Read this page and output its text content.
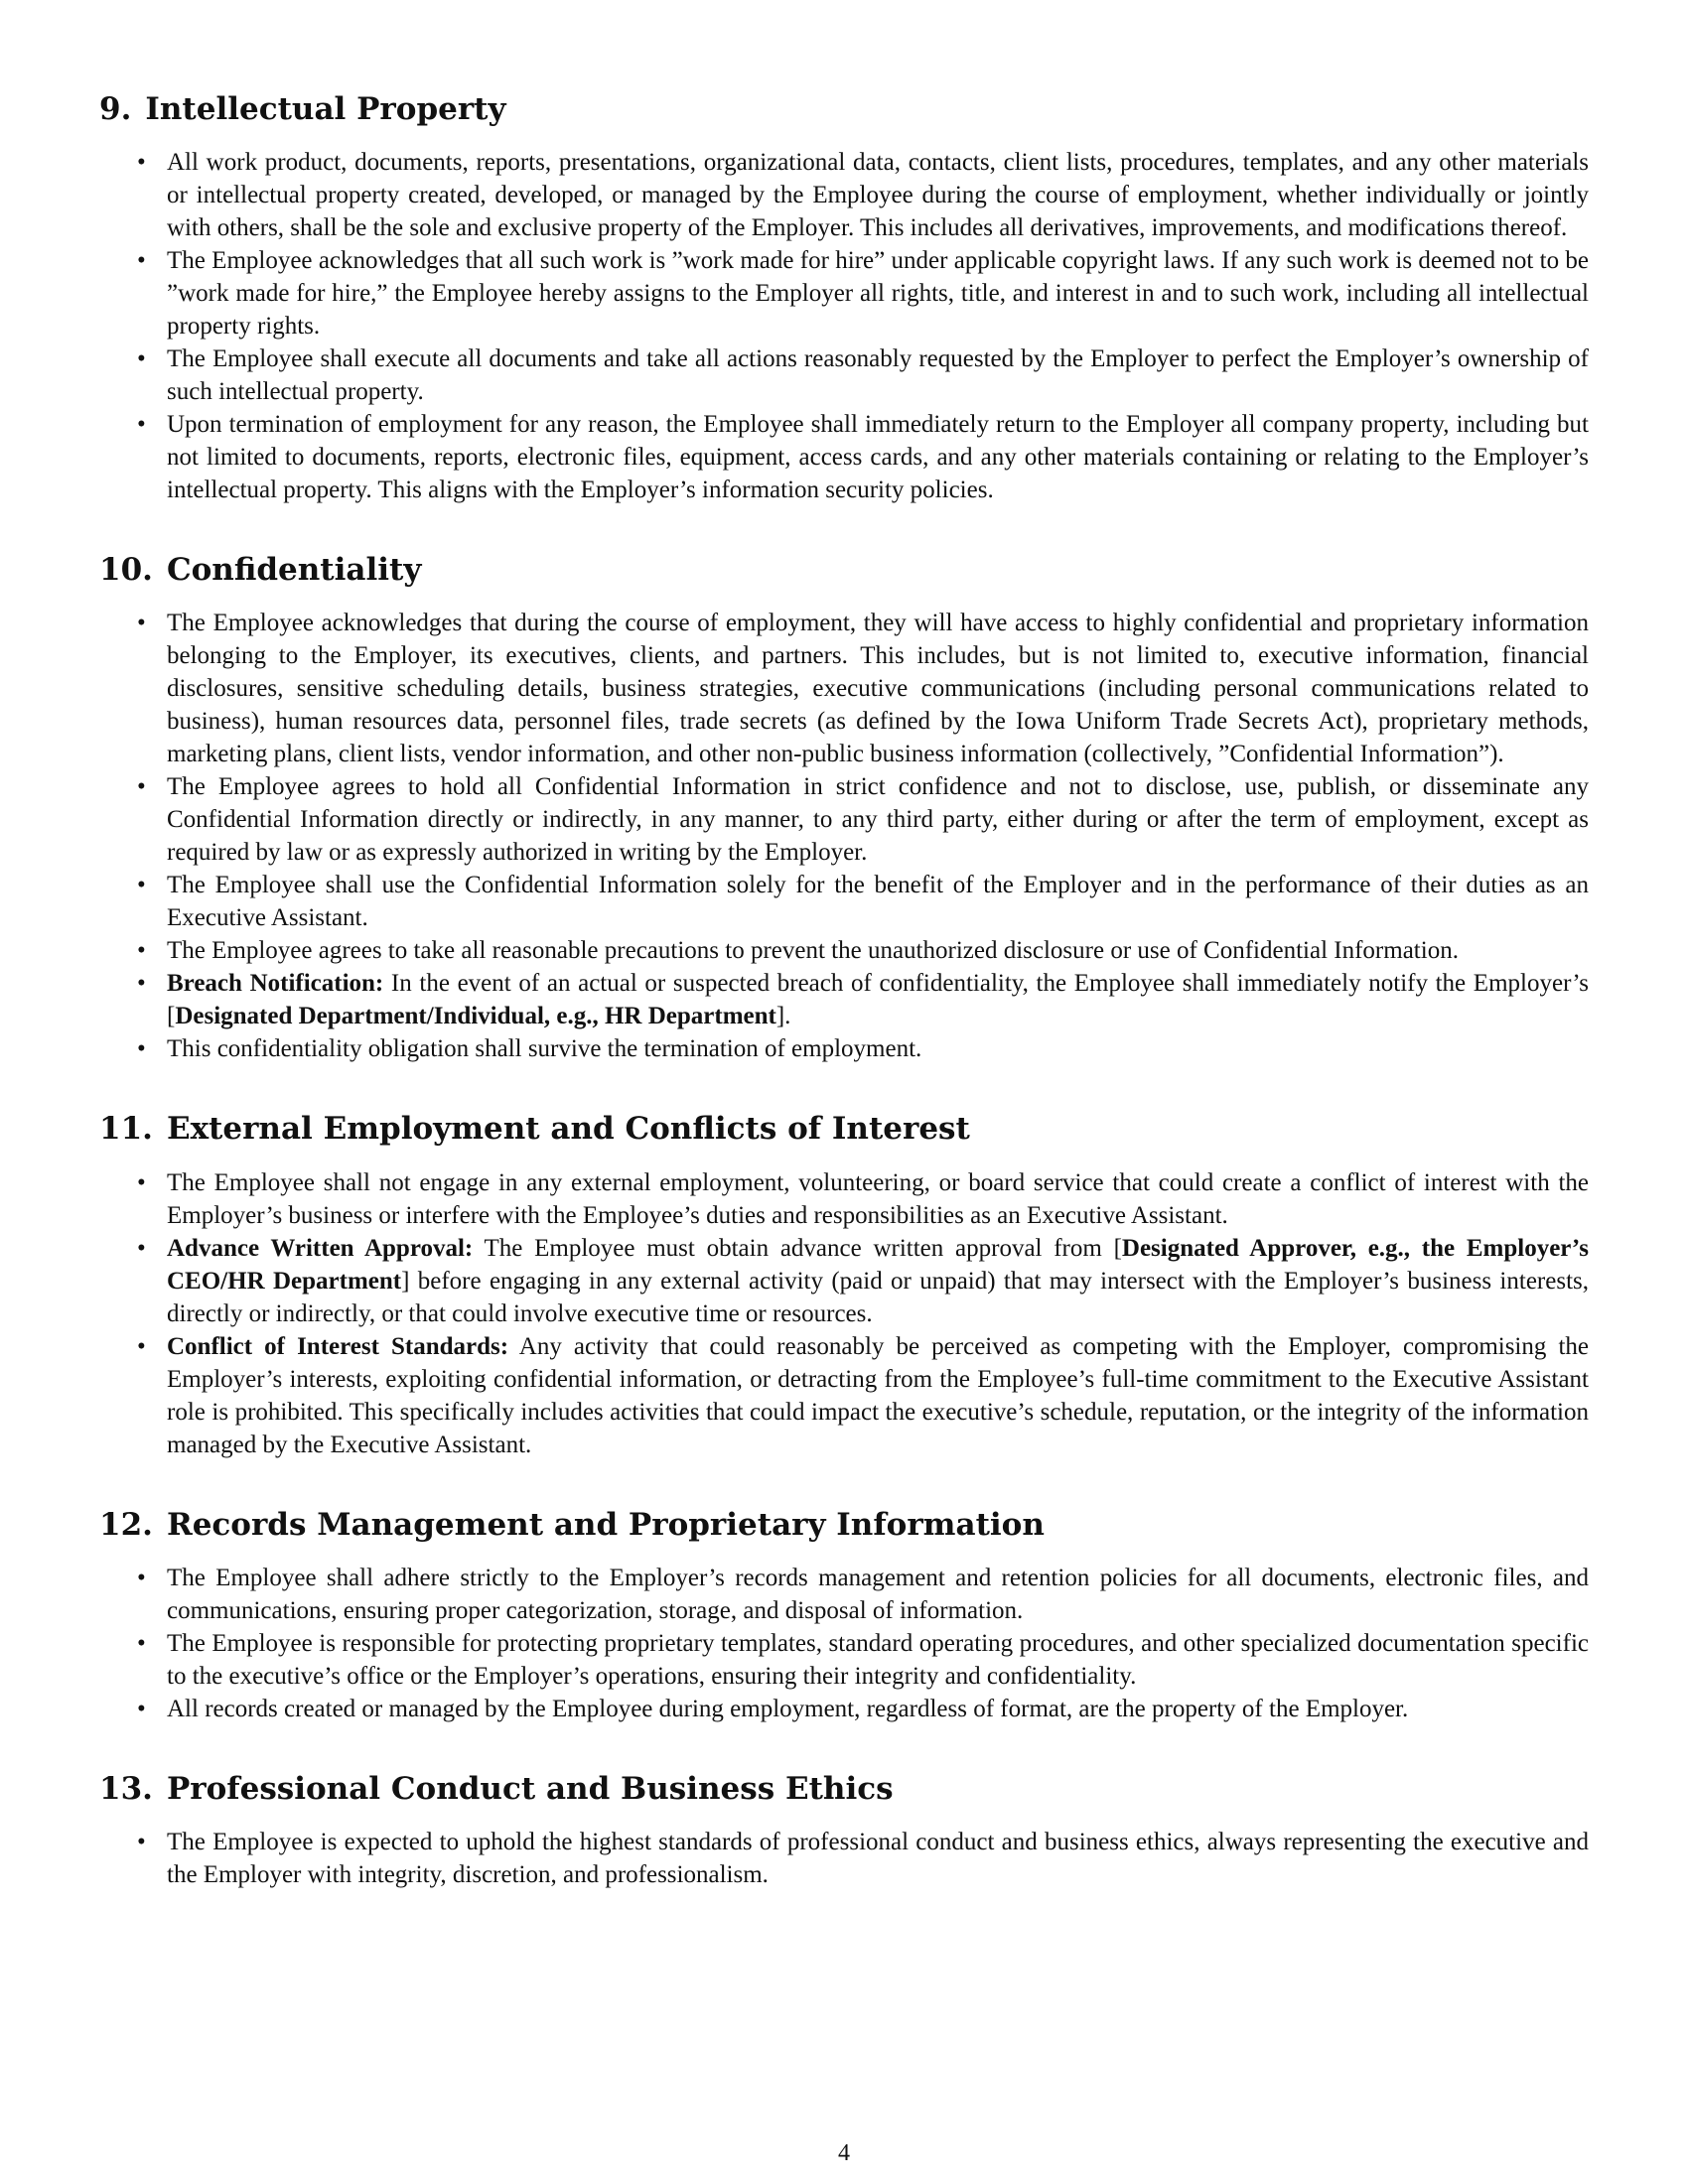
9. Intellectual Property
• All work product, documents, reports, presentations, organizational data, contacts, client lists, procedures, templates, and any other materials or intellectual property created, developed, or managed by the Employee during the course of employment, whether individually or jointly with others, shall be the sole and exclusive property of the Employer. This includes all derivatives, improvements, and modifications thereof.
• The Employee acknowledges that all such work is ”work made for hire” under applicable copyright laws. If any such work is deemed not to be ”work made for hire,” the Employee hereby assigns to the Employer all rights, title, and interest in and to such work, including all intellectual property rights.
• The Employee shall execute all documents and take all actions reasonably requested by the Employer to perfect the Employer’s ownership of such intellectual property.
• Upon termination of employment for any reason, the Employee shall immediately return to the Employer all company property, including but not limited to documents, reports, electronic files, equipment, access cards, and any other materials containing or relating to the Employer’s intellectual property. This aligns with the Employer’s information security policies.
10. Confidentiality
• The Employee acknowledges that during the course of employment, they will have access to highly confidential and proprietary information belonging to the Employer, its executives, clients, and partners. This includes, but is not limited to, executive information, financial disclosures, sensitive scheduling details, business strategies, executive communications (including personal communications related to business), human resources data, personnel files, trade secrets (as defined by the Iowa Uniform Trade Secrets Act), proprietary methods, marketing plans, client lists, vendor information, and other non-public business information (collectively, ”Confidential Information”).
• The Employee agrees to hold all Confidential Information in strict confidence and not to disclose, use, publish, or disseminate any Confidential Information directly or indirectly, in any manner, to any third party, either during or after the term of employment, except as required by law or as expressly authorized in writing by the Employer.
• The Employee shall use the Confidential Information solely for the benefit of the Employer and in the performance of their duties as an Executive Assistant.
• The Employee agrees to take all reasonable precautions to prevent the unauthorized disclosure or use of Confidential Information.
• Breach Notification: In the event of an actual or suspected breach of confidentiality, the Employee shall immediately notify the Employer’s [Designated Department/Individual, e.g., HR Department].
• This confidentiality obligation shall survive the termination of employment.
11. External Employment and Conflicts of Interest
• The Employee shall not engage in any external employment, volunteering, or board service that could create a conflict of interest with the Employer’s business or interfere with the Employee’s duties and responsibilities as an Executive Assistant.
• Advance Written Approval: The Employee must obtain advance written approval from [Designated Approver, e.g., the Employer’s CEO/HR Department] before engaging in any external activity (paid or unpaid) that may intersect with the Employer’s business interests, directly or indirectly, or that could involve executive time or resources.
• Conflict of Interest Standards: Any activity that could reasonably be perceived as competing with the Employer, compromising the Employer’s interests, exploiting confidential information, or detracting from the Employee’s full-time commitment to the Executive Assistant role is prohibited. This specifically includes activities that could impact the executive’s schedule, reputation, or the integrity of the information managed by the Executive Assistant.
12. Records Management and Proprietary Information
• The Employee shall adhere strictly to the Employer’s records management and retention policies for all documents, electronic files, and communications, ensuring proper categorization, storage, and disposal of information.
• The Employee is responsible for protecting proprietary templates, standard operating procedures, and other specialized documentation specific to the executive’s office or the Employer’s operations, ensuring their integrity and confidentiality.
• All records created or managed by the Employee during employment, regardless of format, are the property of the Employer.
13. Professional Conduct and Business Ethics
• The Employee is expected to uphold the highest standards of professional conduct and business ethics, always representing the executive and the Employer with integrity, discretion, and professionalism.
4
